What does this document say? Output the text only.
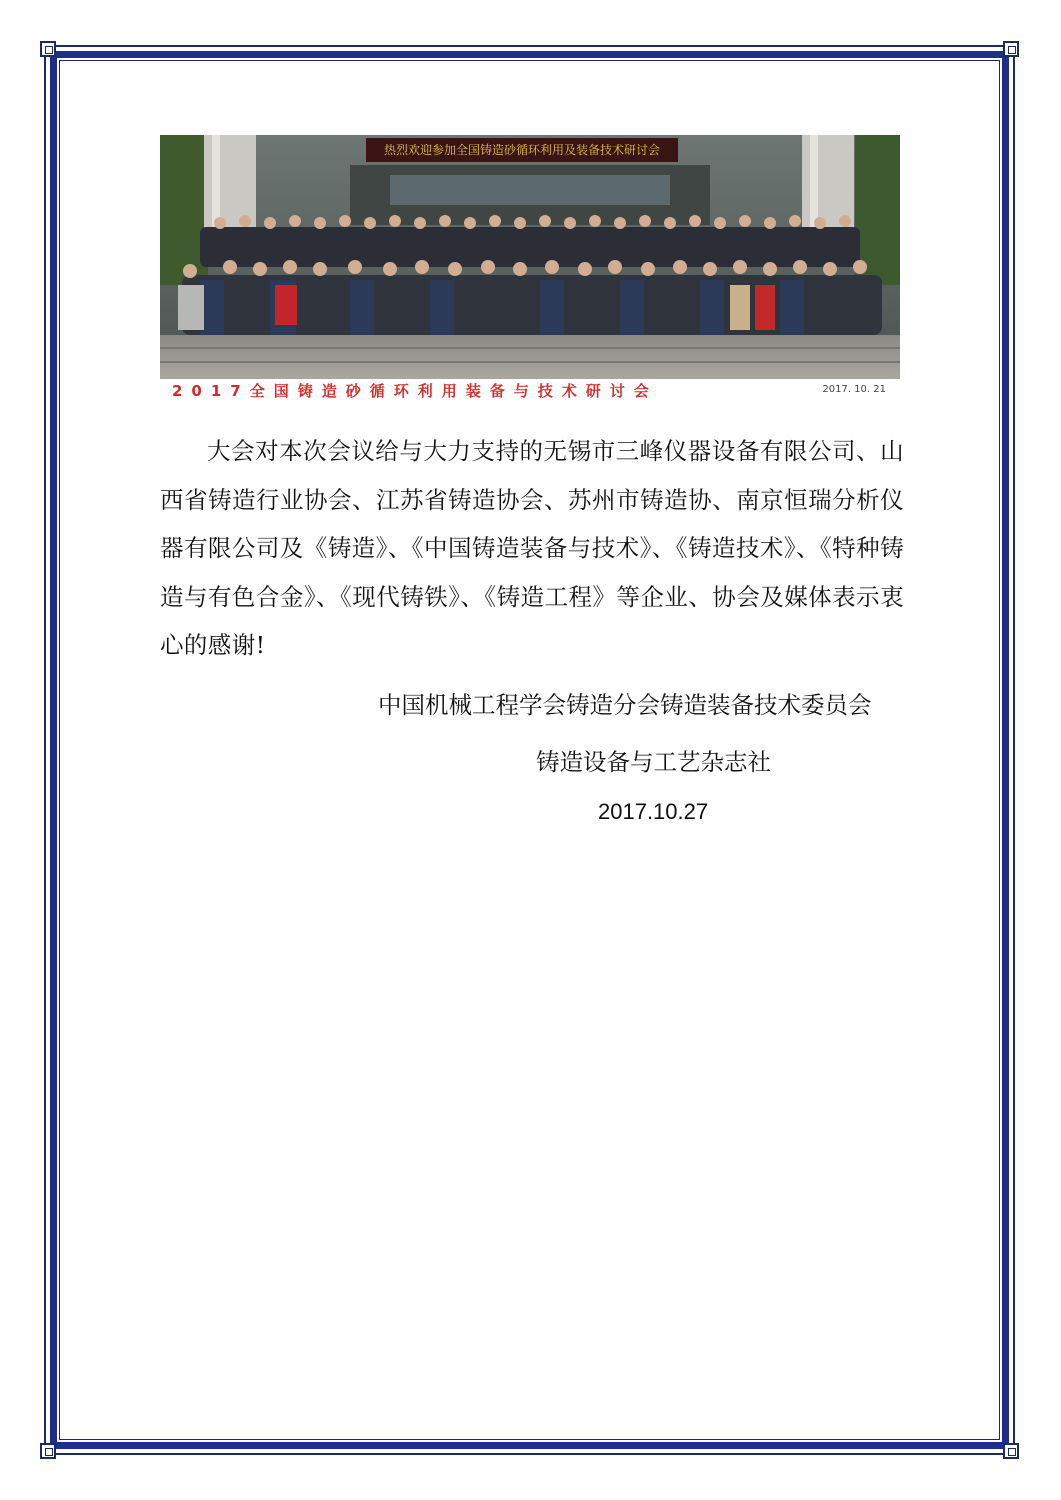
热烈欢迎参加全国铸造砂循环利用及装备技术研讨会
2017全国铸造砂循环利用装备与技术研讨会	2017. 10. 21

大会对本次会议给与大力支持的无锡市三峰仪器设备有限公司、山西省铸造行业协会、江苏省铸造协会、苏州市铸造协、南京恒瑞分析仪器有限公司及《铸造》、《中国铸造装备与技术》、《铸造技术》、《特种铸造与有色合金》、《现代铸铁》、《铸造工程》等企业、协会及媒体表示衷心的感谢!

中国机械工程学会铸造分会铸造装备技术委员会

铸造设备与工艺杂志社

2017.10.27
